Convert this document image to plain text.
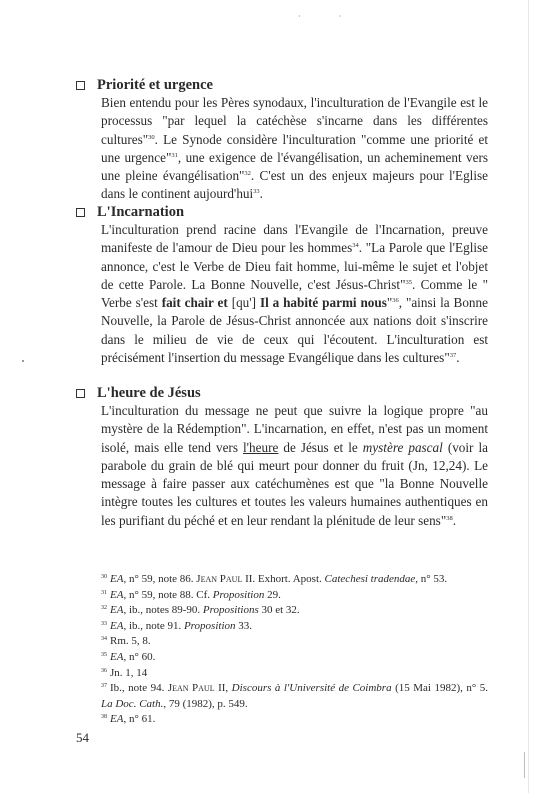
· ·
Priorité et urgence
Bien entendu pour les Pères synodaux, l'inculturation de l'Evangile est le processus "par lequel la catéchèse s'incarne dans les différentes cultures"$^{30}$. Le Synode considère l'inculturation "comme une priorité et une urgence"$^{31}$, une exigence de l'évangélisation, un acheminement vers une pleine évangélisation"$^{32}$. C'est un des enjeux majeurs pour l'Eglise dans le continent aujourd'hui$^{33}$.
L'Incarnation
L'inculturation prend racine dans l'Evangile de l'Incarnation, preuve manifeste de l'amour de Dieu pour les hommes$^{34}$. "La Parole que l'Eglise annonce, c'est le Verbe de Dieu fait homme, lui-même le sujet et l'objet de cette Parole. La Bonne Nouvelle, c'est Jésus-Christ"$^{35}$. Comme le " Verbe s'est fait chair et [qu'] Il a habité parmi nous"$^{36}$, "ainsi la Bonne Nouvelle, la Parole de Jésus-Christ annoncée aux nations doit s'inscrire dans le milieu de vie de ceux qui l'écoutent. L'inculturation est précisément l'insertion du message Evangélique dans les cultures"$^{37}$.
L'heure de Jésus
L'inculturation du message ne peut que suivre la logique propre "au mystère de la Rédemption". L'incarnation, en effet, n'est pas un moment isolé, mais elle tend vers l'heure de Jésus et le mystère pascal (voir la parabole du grain de blé qui meurt pour donner du fruit (Jn, 12,24). Le message à faire passer aux catéchumènes est que "la Bonne Nouvelle intègre toutes les cultures et toutes les valeurs humaines authentiques en les purifiant du péché et en leur rendant la plénitude de leur sens"$^{38}$.
$^{30}$ EA, n° 59, note 86. Jean Paul II. Exhort. Apost. Catechesi tradendae, n° 53.
$^{31}$ EA, n° 59, note 88. Cf. Proposition 29.
$^{32}$ EA, ib., notes 89-90. Propositions 30 et 32.
$^{33}$ EA, ib., note 91. Proposition 33.
$^{34}$ Rm. 5, 8.
$^{35}$ EA, n° 60.
$^{36}$ Jn. 1, 14
$^{37}$ Ib., note 94. Jean Paul II, Discours à l'Université de Coimbra (15 Mai 1982), n° 5. La Doc. Cath., 79 (1982), p. 549.
$^{38}$ EA, n° 61.
54
